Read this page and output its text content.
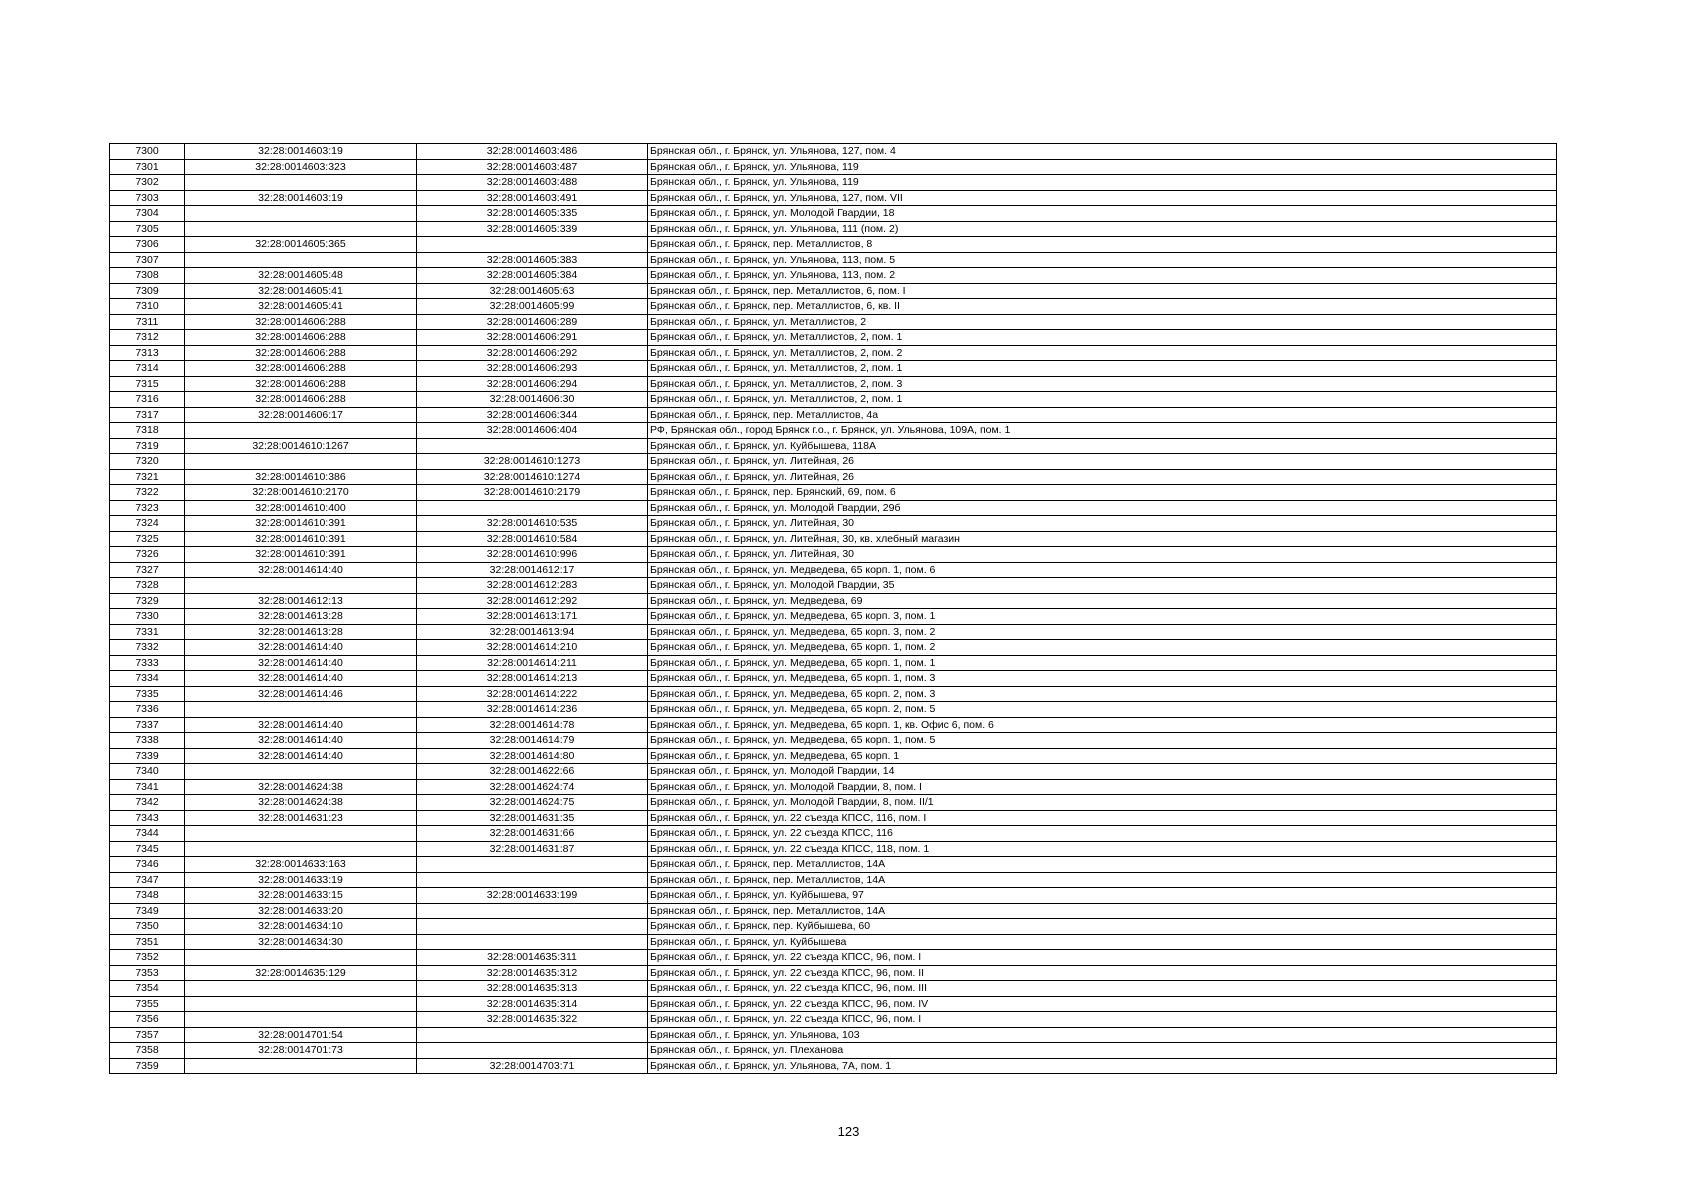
7300	32:28:0014603:19	32:28:0014603:486	Брянская обл., г. Брянск, ул. Ульянова, 127, пом. 4
7301	32:28:0014603:323	32:28:0014603:487	Брянская обл., г. Брянск, ул. Ульянова, 119
7302		32:28:0014603:488	Брянская обл., г. Брянск, ул. Ульянова, 119
7303	32:28:0014603:19	32:28:0014603:491	Брянская обл., г. Брянск, ул. Ульянова, 127, пом. VII
7304		32:28:0014605:335	Брянская обл., г. Брянск, ул. Молодой Гвардии, 18
7305		32:28:0014605:339	Брянская обл., г. Брянск, ул. Ульянова, 111 (пом. 2)
7306	32:28:0014605:365		Брянская обл., г. Брянск, пер. Металлистов, 8
7307		32:28:0014605:383	Брянская обл., г. Брянск, ул. Ульянова, 113, пом. 5
7308	32:28:0014605:48	32:28:0014605:384	Брянская обл., г. Брянск, ул. Ульянова, 113, пом. 2
7309	32:28:0014605:41	32:28:0014605:63	Брянская обл., г. Брянск, пер. Металлистов, 6, пом. I
7310	32:28:0014605:41	32:28:0014605:99	Брянская обл., г. Брянск, пер. Металлистов, 6, кв. II
7311	32:28:0014606:288	32:28:0014606:289	Брянская обл., г. Брянск, ул. Металлистов, 2
7312	32:28:0014606:288	32:28:0014606:291	Брянская обл., г. Брянск, ул. Металлистов, 2, пом. 1
7313	32:28:0014606:288	32:28:0014606:292	Брянская обл., г. Брянск, ул. Металлистов, 2, пом. 2
7314	32:28:0014606:288	32:28:0014606:293	Брянская обл., г. Брянск, ул. Металлистов, 2, пом. 1
7315	32:28:0014606:288	32:28:0014606:294	Брянская обл., г. Брянск, ул. Металлистов, 2, пом. 3
7316	32:28:0014606:288	32:28:0014606:30	Брянская обл., г. Брянск, ул. Металлистов, 2, пом. 1
7317	32:28:0014606:17	32:28:0014606:344	Брянская обл., г. Брянск, пер. Металлистов, 4а
7318		32:28:0014606:404	РФ, Брянская обл., город Брянск г.о., г. Брянск, ул. Ульянова, 109А, пом. 1
7319	32:28:0014610:1267		Брянская обл., г. Брянск, ул. Куйбышева, 118А
7320		32:28:0014610:1273	Брянская обл., г. Брянск, ул. Литейная, 26
7321	32:28:0014610:386	32:28:0014610:1274	Брянская обл., г. Брянск, ул. Литейная, 26
7322	32:28:0014610:2170	32:28:0014610:2179	Брянская обл., г. Брянск, пер. Брянский, 69, пом. 6
7323	32:28:0014610:400		Брянская обл., г. Брянск, ул. Молодой Гвардии, 29б
7324	32:28:0014610:391	32:28:0014610:535	Брянская обл., г. Брянск, ул. Литейная, 30
7325	32:28:0014610:391	32:28:0014610:584	Брянская обл., г. Брянск, ул. Литейная, 30, кв. хлебный магазин
7326	32:28:0014610:391	32:28:0014610:996	Брянская обл., г. Брянск, ул. Литейная, 30
7327	32:28:0014614:40	32:28:0014612:17	Брянская обл., г. Брянск, ул. Медведева, 65 корп. 1, пом. 6
7328		32:28:0014612:283	Брянская обл., г. Брянск, ул. Молодой Гвардии, 35
7329	32:28:0014612:13	32:28:0014612:292	Брянская обл., г. Брянск, ул. Медведева, 69
7330	32:28:0014613:28	32:28:0014613:171	Брянская обл., г. Брянск, ул. Медведева, 65 корп. 3, пом. 1
7331	32:28:0014613:28	32:28:0014613:94	Брянская обл., г. Брянск, ул. Медведева, 65 корп. 3, пом. 2
7332	32:28:0014614:40	32:28:0014614:210	Брянская обл., г. Брянск, ул. Медведева, 65 корп. 1, пом. 2
7333	32:28:0014614:40	32:28:0014614:211	Брянская обл., г. Брянск, ул. Медведева, 65 корп. 1, пом. 1
7334	32:28:0014614:40	32:28:0014614:213	Брянская обл., г. Брянск, ул. Медведева, 65 корп. 1, пом. 3
7335	32:28:0014614:46	32:28:0014614:222	Брянская обл., г. Брянск, ул. Медведева, 65 корп. 2, пом. 3
7336		32:28:0014614:236	Брянская обл., г. Брянск, ул. Медведева, 65 корп. 2, пом. 5
7337	32:28:0014614:40	32:28:0014614:78	Брянская обл., г. Брянск, ул. Медведева, 65 корп. 1, кв. Офис 6, пом. 6
7338	32:28:0014614:40	32:28:0014614:79	Брянская обл., г. Брянск, ул. Медведева, 65 корп. 1, пом. 5
7339	32:28:0014614:40	32:28:0014614:80	Брянская обл., г. Брянск, ул. Медведева, 65 корп. 1
7340		32:28:0014622:66	Брянская обл., г. Брянск, ул. Молодой Гвардии, 14
7341	32:28:0014624:38	32:28:0014624:74	Брянская обл., г. Брянск, ул. Молодой Гвардии, 8, пом. I
7342	32:28:0014624:38	32:28:0014624:75	Брянская обл., г. Брянск, ул. Молодой Гвардии, 8, пом. II/1
7343	32:28:0014631:23	32:28:0014631:35	Брянская обл., г. Брянск, ул. 22 съезда КПСС, 116, пом. I
7344		32:28:0014631:66	Брянская обл., г. Брянск, ул. 22 съезда КПСС, 116
7345		32:28:0014631:87	Брянская обл., г. Брянск, ул. 22 съезда КПСС, 118, пом. 1
7346	32:28:0014633:163		Брянская обл., г. Брянск, пер. Металлистов, 14А
7347	32:28:0014633:19		Брянская обл., г. Брянск, пер. Металлистов, 14А
7348	32:28:0014633:15	32:28:0014633:199	Брянская обл., г. Брянск, ул. Куйбышева, 97
7349	32:28:0014633:20		Брянская обл., г. Брянск, пер. Металлистов, 14А
7350	32:28:0014634:10		Брянская обл., г. Брянск, пер. Куйбышева, 60
7351	32:28:0014634:30		Брянская обл., г. Брянск, ул. Куйбышева
7352		32:28:0014635:311	Брянская обл., г. Брянск, ул. 22 съезда КПСС, 96, пом. I
7353	32:28:0014635:129	32:28:0014635:312	Брянская обл., г. Брянск, ул. 22 съезда КПСС, 96, пом. II
7354		32:28:0014635:313	Брянская обл., г. Брянск, ул. 22 съезда КПСС, 96, пом. III
7355		32:28:0014635:314	Брянская обл., г. Брянск, ул. 22 съезда КПСС, 96, пом. IV
7356		32:28:0014635:322	Брянская обл., г. Брянск, ул. 22 съезда КПСС, 96, пом. I
7357	32:28:0014701:54		Брянская обл., г. Брянск, ул. Ульянова, 103
7358	32:28:0014701:73		Брянская обл., г. Брянск, ул. Плеханова
7359		32:28:0014703:71	Брянская обл., г. Брянск, ул. Ульянова, 7А, пом. 1
123
